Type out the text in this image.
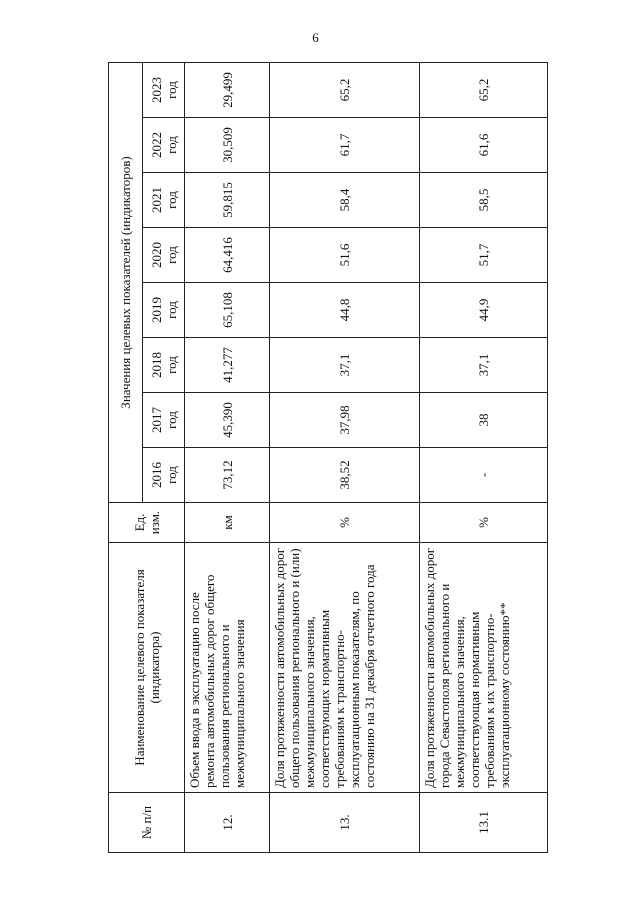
6
№ п/п	Наименование целевого показателя (индикатора)	Ед. изм.	Значения целевых показателей (индикаторов)							
			2016 год	2017 год	2018 год	2019 год	2020 год	2021 год	2022 год	2023 год
12.	Объем ввода в эксплуатацию после ремонта автомобильных дорог общего пользования регионального и межмуниципального значения	км	73,12	45,390	41,277	65,108	64,416	59,815	30,509	29,499
13.	Доля протяженности автомобильных дорог общего пользования регионального и (или) межмуниципального значения, соответствующих нормативным требованиям к транспортно-эксплуатационным показателям, по состоянию на 31 декабря отчетного года	%	38,52	37,98	37,1	44,8	51,6	58,4	61,7	65,2
13.1	Доля протяженности автомобильных дорог города Севастополя регионального и межмуниципального значения, соответствующая нормативным требованиям к их транспортно-эксплуатационному состоянию**	%	-	38	37,1	44,9	51,7	58,5	61,6	65,2
